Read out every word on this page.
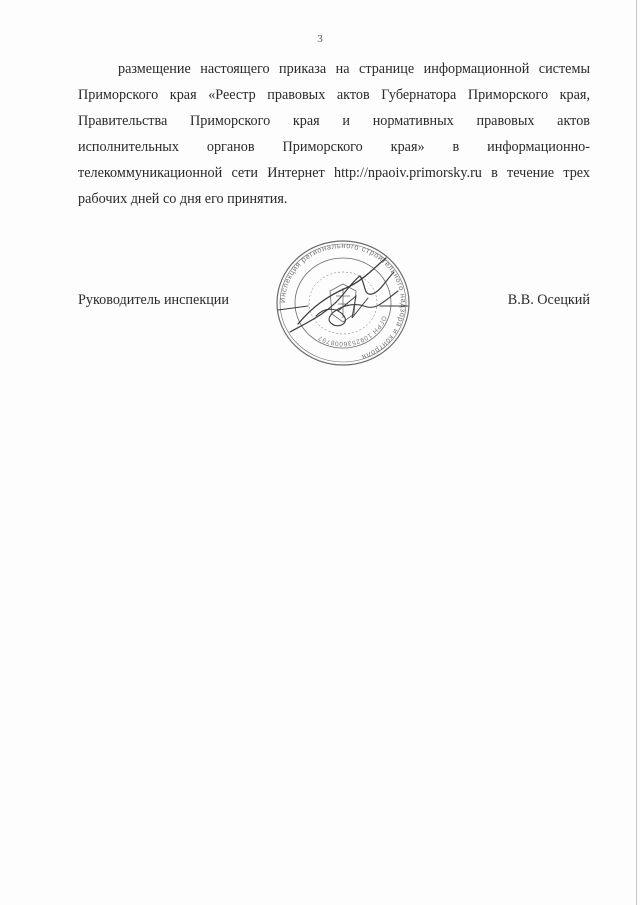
3
размещение настоящего приказа на странице информационной системы
Приморского края «Реестр правовых актов Губернатора Приморского края,
Правительства Приморского края и нормативных правовых актов
исполнительных органов Приморского края» в информационно-
телекоммуникационной сети Интернет http://npaoiv.primorsky.ru в течение трех
рабочих дней со дня его принятия.
Руководитель инспекции	В.В. Осецкий
Инспекция регионального строительного надзора и контроля
ОГРН 1092536008797
